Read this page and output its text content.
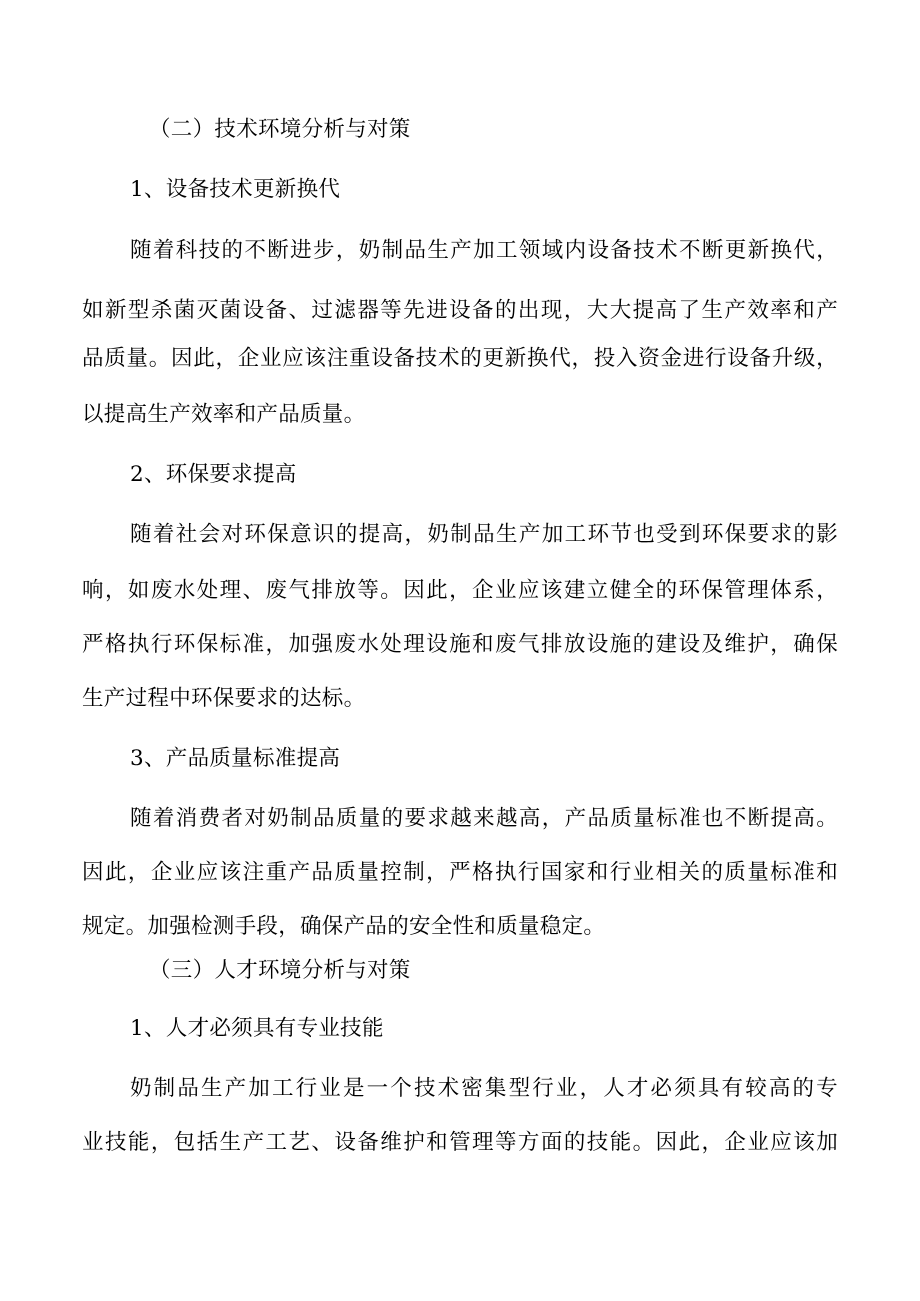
（二）技术环境分析与对策
1、设备技术更新换代
随着科技的不断进步，奶制品生产加工领域内设备技术不断更新换代，
如新型杀菌灭菌设备、过滤器等先进设备的出现，大大提高了生产效率和产
品质量。因此，企业应该注重设备技术的更新换代，投入资金进行设备升级，
以提高生产效率和产品质量。
2、环保要求提高
随着社会对环保意识的提高，奶制品生产加工环节也受到环保要求的影
响，如废水处理、废气排放等。因此，企业应该建立健全的环保管理体系，
严格执行环保标准，加强废水处理设施和废气排放设施的建设及维护，确保
生产过程中环保要求的达标。
3、产品质量标准提高
随着消费者对奶制品质量的要求越来越高，产品质量标准也不断提高。
因此，企业应该注重产品质量控制，严格执行国家和行业相关的质量标准和
规定。加强检测手段，确保产品的安全性和质量稳定。
（三）人才环境分析与对策
1、人才必须具有专业技能
奶制品生产加工行业是一个技术密集型行业，人才必须具有较高的专
业技能，包括生产工艺、设备维护和管理等方面的技能。因此，企业应该加
